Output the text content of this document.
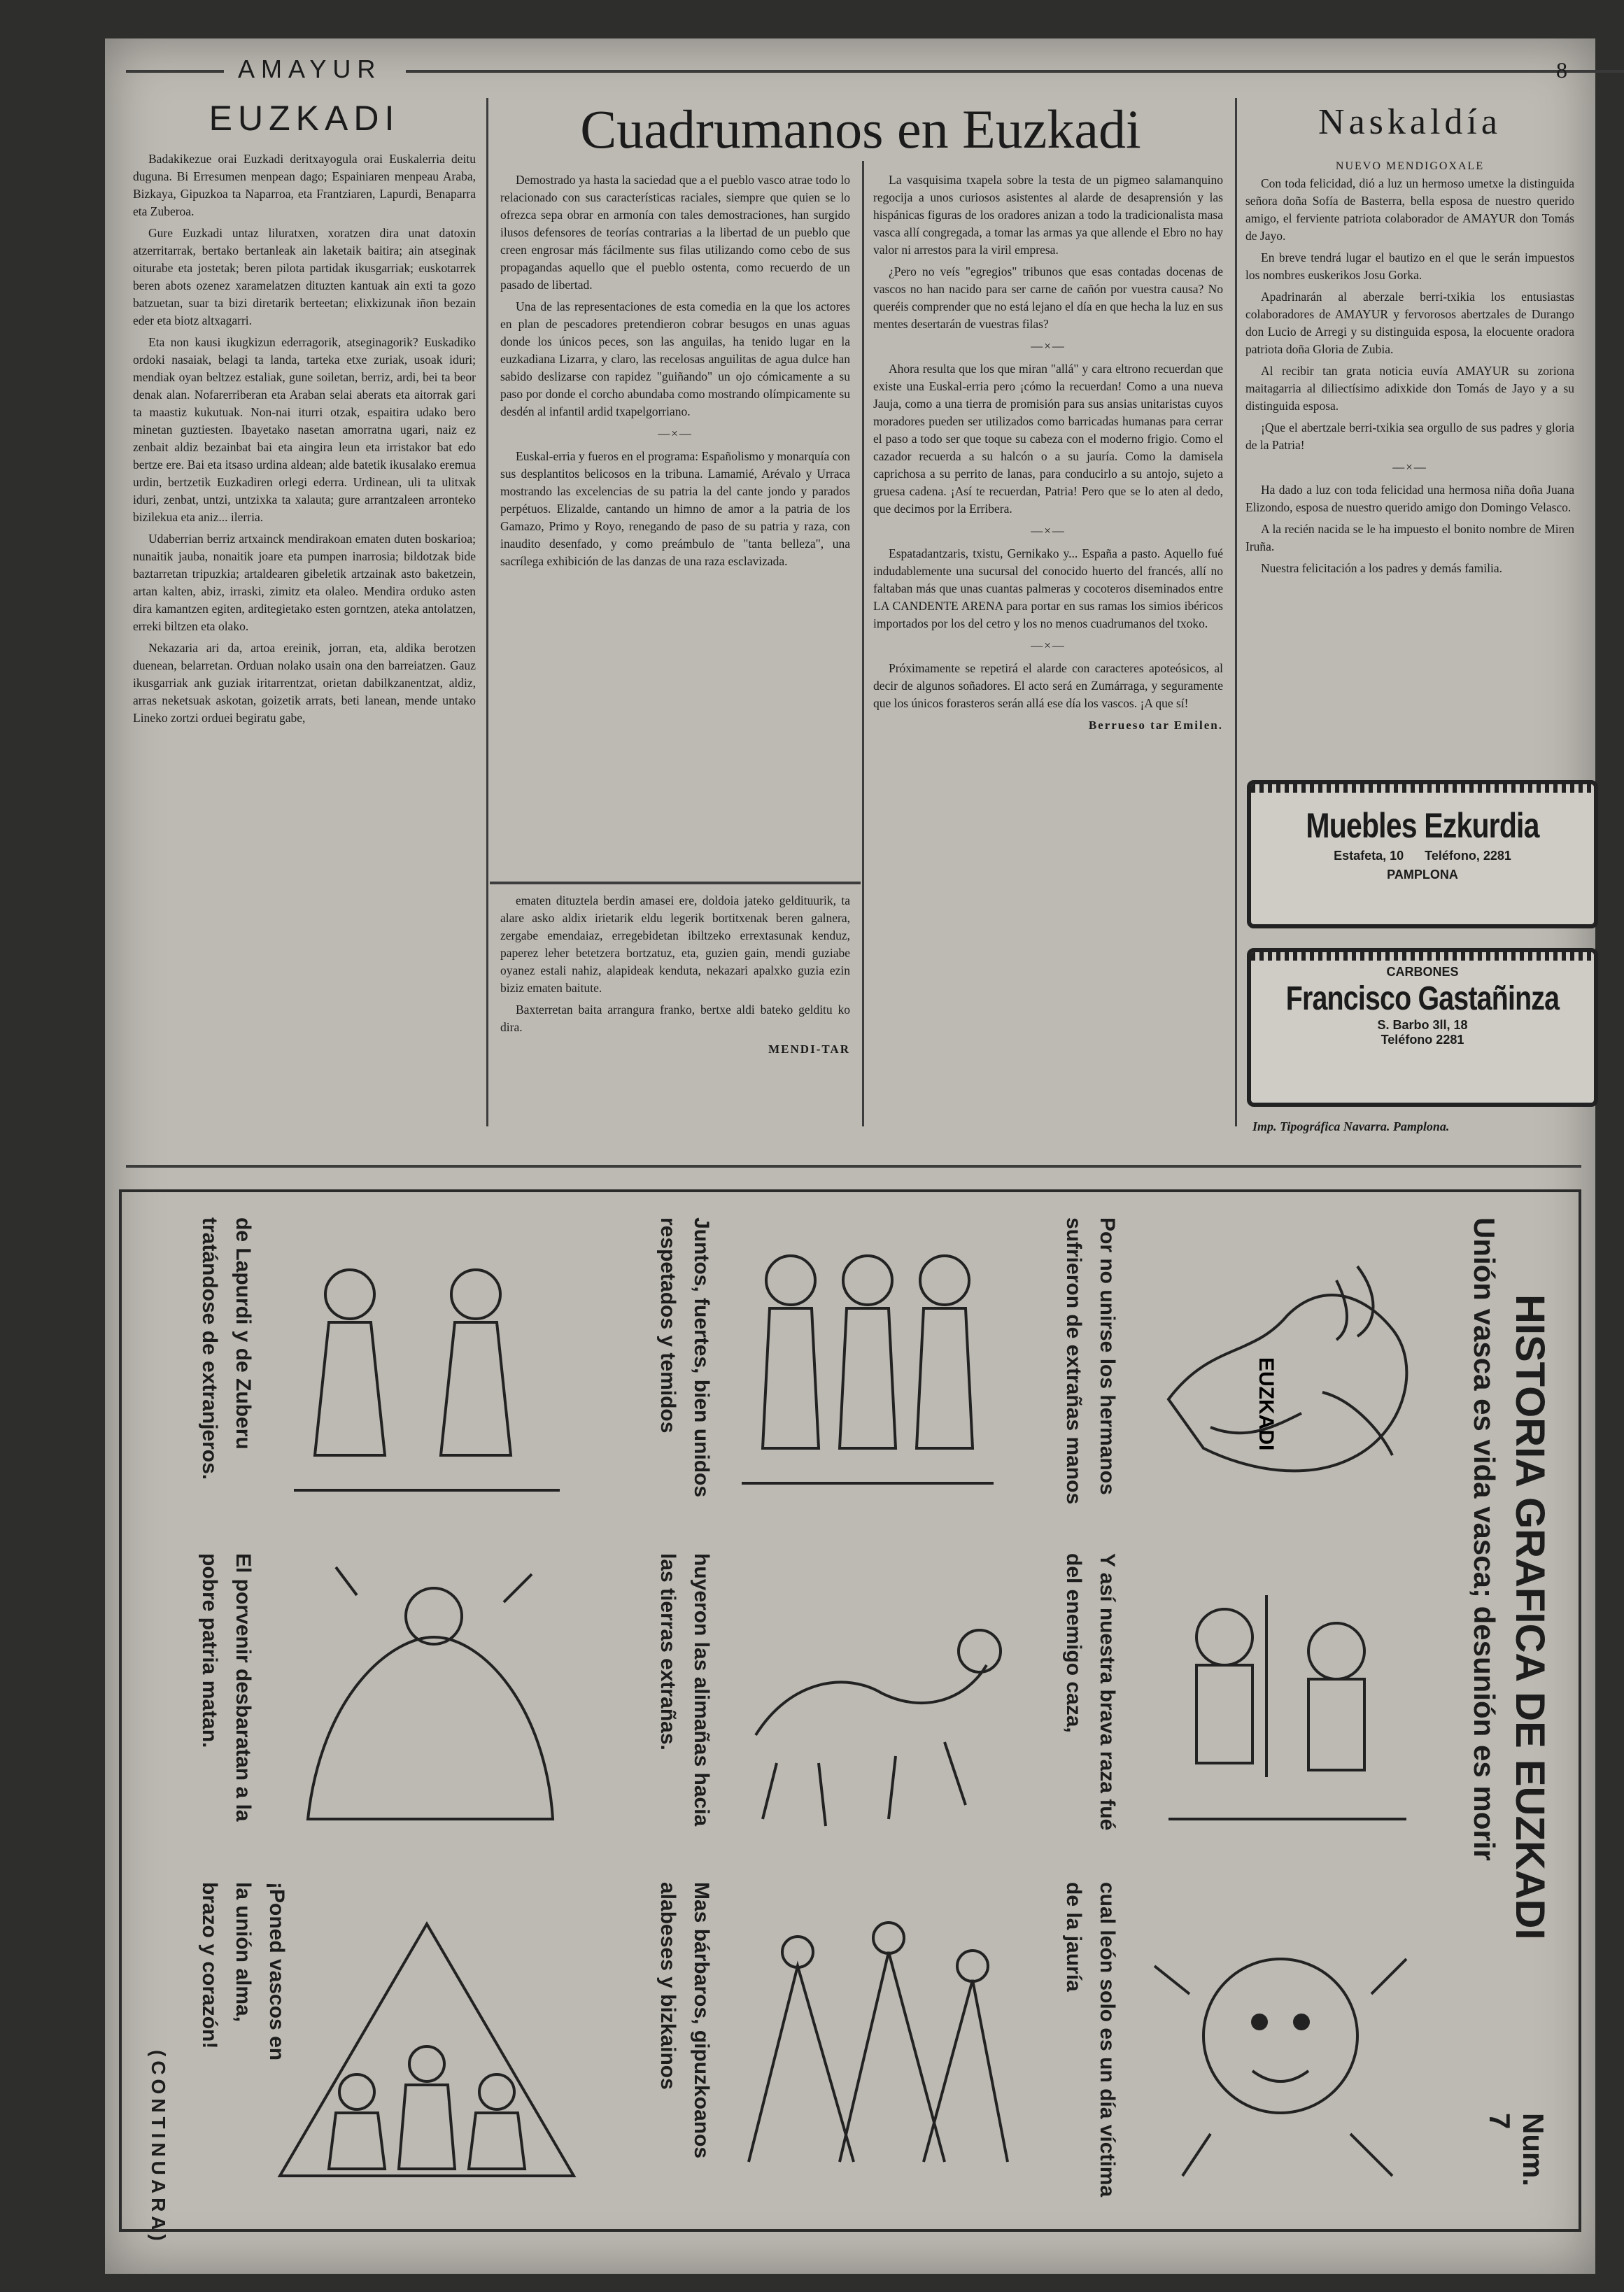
AMAYUR	8
EUZKADI

Badakikezue orai Euzkadi deritxayogula orai Euskalerria deitu duguna. Bi Erresumen menpean dago; Espainiaren menpeau Araba, Bizkaya, Gipuzkoa ta Naparroa, eta Frantziaren, Lapurdi, Benaparra eta Zuberoa.

Gure Euzkadi untaz liluratxen, xoratzen dira unat datoxin atzerritarrak, bertako bertanleak ain laketaik baitira; ain atseginak oiturabe eta jostetak; beren pilota partidak ikusgarriak; euskotarrek beren abots ozenez xaramelatzen dituzten kantuak ain exti ta gozo batzuetan, suar ta bizi diretarik berteetan; elixkizunak iñon bezain eder eta biotz altxagarri.

Eta non kausi ikugkizun ederragorik, atseginagorik? Euskadiko ordoki nasaiak, belagi ta landa, tarteka etxe zuriak, usoak iduri; mendiak oyan beltzez estaliak, gune soiletan, berriz, ardi, bei ta beor denak alan. Nofarerriberan eta Araban selai aberats eta aitorrak gari ta maastiz kukutuak. Non-nai iturri otzak, espaitira udako bero minetan guztiesten. Ibayetako nasetan amorratna ugari, naiz ez zenbait aldiz bezainbat bai eta aingira leun eta irristakor bat edo bertze ere. Bai eta itsaso urdina aldean; alde batetik ikusalako eremua urdin, bertzetik Euzkadiren orlegi ederra. Urdinean, uli ta ulitxak iduri, zenbat, untzi, untzixka ta xalauta; gure arrantzaleen arronteko bizilekua eta aniz... ilerria.

Udaberrian berriz artxainck mendirakoan ematen duten boskarioa; nunaitik jauba, nonaitik joare eta pumpen inarrosia; bildotzak bide baztarretan tripuzkia; artaldearen gibeletik artzainak asto baketzein, artan kalten, abiz, irraski, zimitz eta olaleo. Mendira orduko asten dira kamantzen egiten, arditegietako esten gorntzen, ateka antolatzen, erreki biltzen eta olako.

Nekazaria ari da, artoa ereinik, jorran, eta, aldika berotzen duenean, belarretan. Orduan nolako usain ona den barreiatzen. Gauz ikusgarriak ank guziak iritarrentzat, orietan dabilkzanentzat, aldiz, arras neketsuak askotan, goizetik arrats, beti lanean, mende untako Lineko zortzi orduei begiratu gabe,

Cuadrumanos en Euzkadi

Demostrado ya hasta la saciedad que a el pueblo vasco atrae todo lo relacionado con sus características raciales, siempre que quien se lo ofrezca sepa obrar en armonía con tales demostraciones, han surgido ilusos defensores de teorías contrarias a la libertad de un pueblo que creen engrosar más fácilmente sus filas utilizando como cebo de sus propagandas aquello que el pueblo ostenta, como recuerdo de un pasado de libertad.

Una de las representaciones de esta comedia en la que los actores en plan de pescadores pretendieron cobrar besugos en unas aguas donde los únicos peces, son las anguilas, ha tenido lugar en la euzkadiana Lizarra, y claro, las recelosas anguilitas de agua dulce han sabido deslizarse con rapidez "guiñando" un ojo cómicamente a su paso por donde el corcho abundaba como mostrando olímpicamente su desdén al infantil ardid txapelgorriano.

—×—

Euskal-erria y fueros en el programa: Españolismo y monarquía con sus desplantitos belicosos en la tribuna. Lamamié, Arévalo y Urraca mostrando las excelencias de su patria la del cante jondo y parados perpétuos. Elizalde, cantando un himno de amor a la patria de los Gamazo, Primo y Royo, renegando de paso de su patria y raza, con inaudito desenfado, y como preámbulo de "tanta belleza", una sacrílega exhibición de las danzas de una raza esclavizada.

ematen dituztela berdin amasei ere, doldoia jateko geldituurik, ta alare asko aldix irietarik eldu legerik bortitxenak beren galnera, zergabe emendaiaz, erregebidetan ibiltzeko errextasunak kenduz, paperez leher betetzera bortzatuz, eta, guzien gain, mendi guziabe oyanez estali nahiz, alapideak kenduta, nekazari apalxko guzia ezin biziz ematen baitute.

Baxterretan baita arrangura franko, bertxe aldi bateko gelditu ko dira.

MENDI-TAR

La vasquisima txapela sobre la testa de un pigmeo salamanquino regocija a unos curiosos asistentes al alarde de desaprensión y las hispánicas figuras de los oradores anizan a todo la tradicionalista masa vasca allí congregada, a tomar las armas ya que allende el Ebro no hay valor ni arrestos para la viril empresa.

¿Pero no veís "egregios" tribunos que esas contadas docenas de vascos no han nacido para ser carne de cañón por vuestra causa? No queréis comprender que no está lejano el día en que hecha la luz en sus mentes desertarán de vuestras filas?

—×—

Ahora resulta que los que miran "allá" y cara eltrono recuerdan que existe una Euskal-erria pero ¡cómo la recuerdan! Como a una nueva Jauja, como a una tierra de promisión para sus ansias unitaristas cuyos moradores pueden ser utilizados como barricadas humanas para cerrar el paso a todo ser que toque su cabeza con el moderno frigio. Como el cazador recuerda a su halcón o a su jauría. Como la damisela caprichosa a su perrito de lanas, para conducirlo a su antojo, sujeto a gruesa cadena. ¡Así te recuerdan, Patria! Pero que se lo aten al dedo, que decimos por la Erribera.

—×—

Espatadantzaris, txistu, Gernikako y... España a pasto. Aquello fué indudablemente una sucursal del conocido huerto del francés, allí no faltaban más que unas cuantas palmeras y cocoteros diseminados entre LA CANDENTE ARENA para portar en sus ramas los simios ibéricos importados por los del cetro y los no menos cuadrumanos del txoko.

—×—

Próximamente se repetirá el alarde con caracteres apoteósicos, al decir de algunos soñadores. El acto será en Zumárraga, y seguramente que los únicos forasteros serán allá ese día los vascos. ¡A que sí!

Berrueso tar Emilen.
Naskaldía
NUEVO MENDIGOXALE

Con toda felicidad, dió a luz un hermoso umetxe la distinguida señora doña Sofía de Basterra, bella esposa de nuestro querido amigo, el ferviente patriota colaborador de AMAYUR don Tomás de Jayo.

En breve tendrá lugar el bautizo en el que le serán impuestos los nombres euskerikos Josu Gorka.

Apadrinarán al aberzale berri-txikia los entusiastas colaboradores de AMAYUR y fervorosos abertzales de Durango don Lucio de Arregi y su distinguida esposa, la elocuente oradora patriota doña Gloria de Zubia.

Al recibir tan grata noticia euvía AMAYUR su zoriona maitagarria al diliectísimo adixkide don Tomás de Jayo y a su distinguida esposa.

¡Que el abertzale berri-txikia sea orgullo de sus padres y gloria de la Patria!

—×—

Ha dado a luz con toda felicidad una hermosa niña doña Juana Elizondo, esposa de nuestro querido amigo don Domingo Velasco.

A la recién nacida se le ha impuesto el bonito nombre de Miren Iruña.

Nuestra felicitación a los padres y demás familia.

Muebles Ezkurdia
Estafeta, 10 Teléfono, 2281
PAMPLONA
CARBONES
Francisco Gastañinza
S. Barbo 3ll, 18
Teléfono 2281
Imp. Tipográfica Navarra. Pamplona.
HISTORIA GRAFICA DE EUZKADI
Unión vasca es vida vasca; desunión es morir
Num. 7
Por no unirse los hermanos sufrieron de extrañas manos
Y así nuestra brava raza fué del enemigo caza,
cual león solo es un día víctima de la jauría
Juntos, fuertes, bien unidos respetados y temidos
huyeron las alimañas hacia las tierras extrañas.
Mas bárbaros, gipuzkoanos alabeses y bizkainos
de Lapurdi y de Zuberu tratándose de extranjeros.
El porvenir desbaratan a la pobre patria matan.
¡Poned vascos en la unión alma, brazo y corazón!
(CONTINUARA)
EUZKADI
